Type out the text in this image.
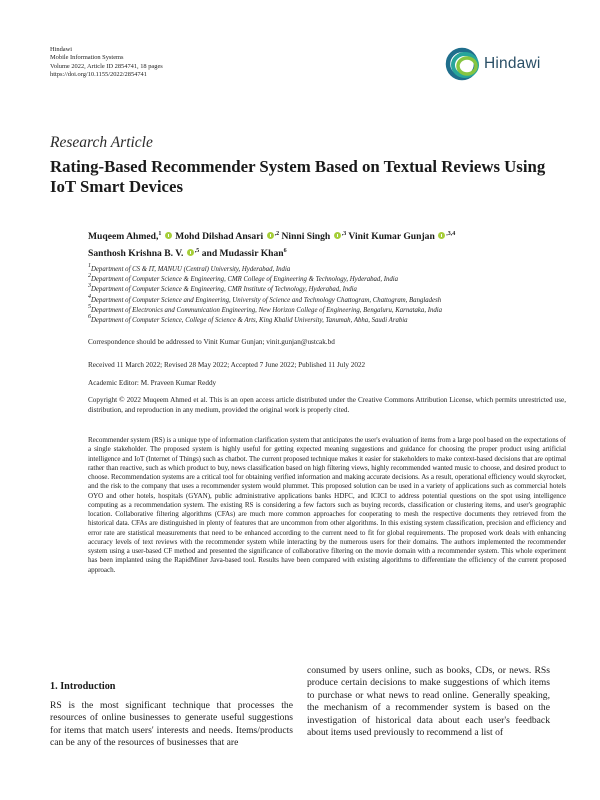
Hindawi
Mobile Information Systems
Volume 2022, Article ID 2854741, 18 pages
https://doi.org/10.1155/2022/2854741
Hindawi
Research Article
Rating-Based Recommender System Based on Textual Reviews Using IoT Smart Devices
Muqeem Ahmed,$^1$ Mohd Dilshad Ansari $^{,2}$ Ninni Singh $^{,3}$ Vinit Kumar Gunjan $^{,3,4}$
Santhosh Krishna B. V. $^{,5}$ and Mudassir Khan$^6$
$^1$Department of CS & IT, MANUU (Central) University, Hyderabad, India
$^2$Department of Computer Science & Engineering, CMR College of Engineering & Technology, Hyderabad, India
$^3$Department of Computer Science & Engineering, CMR Institute of Technology, Hyderabad, India
$^4$Department of Computer Science and Engineering, University of Science and Technology Chattogram, Chattogram, Bangladesh
$^5$Department of Electronics and Communication Engineering, New Horizon College of Engineering, Bengaluru, Karnataka, India
$^6$Department of Computer Science, College of Science & Arts, King Khalid University, Tanumah, Abha, Saudi Arabia
Correspondence should be addressed to Vinit Kumar Gunjan; vinit.gunjan@ustcak.bd
Received 11 March 2022; Revised 28 May 2022; Accepted 7 June 2022; Published 11 July 2022
Academic Editor: M. Praveen Kumar Reddy
Copyright © 2022 Muqeem Ahmed et al. This is an open access article distributed under the Creative Commons Attribution License, which permits unrestricted use, distribution, and reproduction in any medium, provided the original work is properly cited.
Recommender system (RS) is a unique type of information clarification system that anticipates the user's evaluation of items from a large pool based on the expectations of a single stakeholder. The proposed system is highly useful for getting expected meaning suggestions and guidance for choosing the proper product using artificial intelligence and IoT (Internet of Things) such as chatbot. The current proposed technique makes it easier for stakeholders to make context-based decisions that are optimal rather than reactive, such as which product to buy, news classification based on high filtering views, highly recommended wanted music to choose, and desired product to choose. Recommendation systems are a critical tool for obtaining verified information and making accurate decisions. As a result, operational efficiency would skyrocket, and the risk to the company that uses a recommender system would plummet. This proposed solution can be used in a variety of applications such as commercial hotels OYO and other hotels, hospitals (GYAN), public administrative applications banks HDFC, and ICICI to address potential questions on the spot using intelligence computing as a recommendation system. The existing RS is considering a few factors such as buying records, classification or clustering items, and user's geographic location. Collaborative filtering algorithms (CFAs) are much more common approaches for cooperating to mesh the respective documents they retrieved from the historical data. CFAs are distinguished in plenty of features that are uncommon from other algorithms. In this existing system classification, precision and efficiency and error rate are statistical measurements that need to be enhanced according to the current need to fit for global requirements. The proposed work deals with enhancing accuracy levels of text reviews with the recommender system while interacting by the numerous users for their domains. The authors implemented the recommender system using a user-based CF method and presented the significance of collaborative filtering on the movie domain with a recommender system. This whole experiment has been implanted using the RapidMiner Java-based tool. Results have been compared with existing algorithms to differentiate the efficiency of the current proposed approach.
1. Introduction
RS is the most significant technique that processes the resources of online businesses to generate useful suggestions for items that match users' interests and needs. Items/products can be any of the resources of businesses that are
consumed by users online, such as books, CDs, or news. RSs produce certain decisions to make suggestions of which items to purchase or what news to read online. Generally speaking, the mechanism of a recommender system is based on the investigation of historical data about each user's feedback about items used previously to recommend a list of
